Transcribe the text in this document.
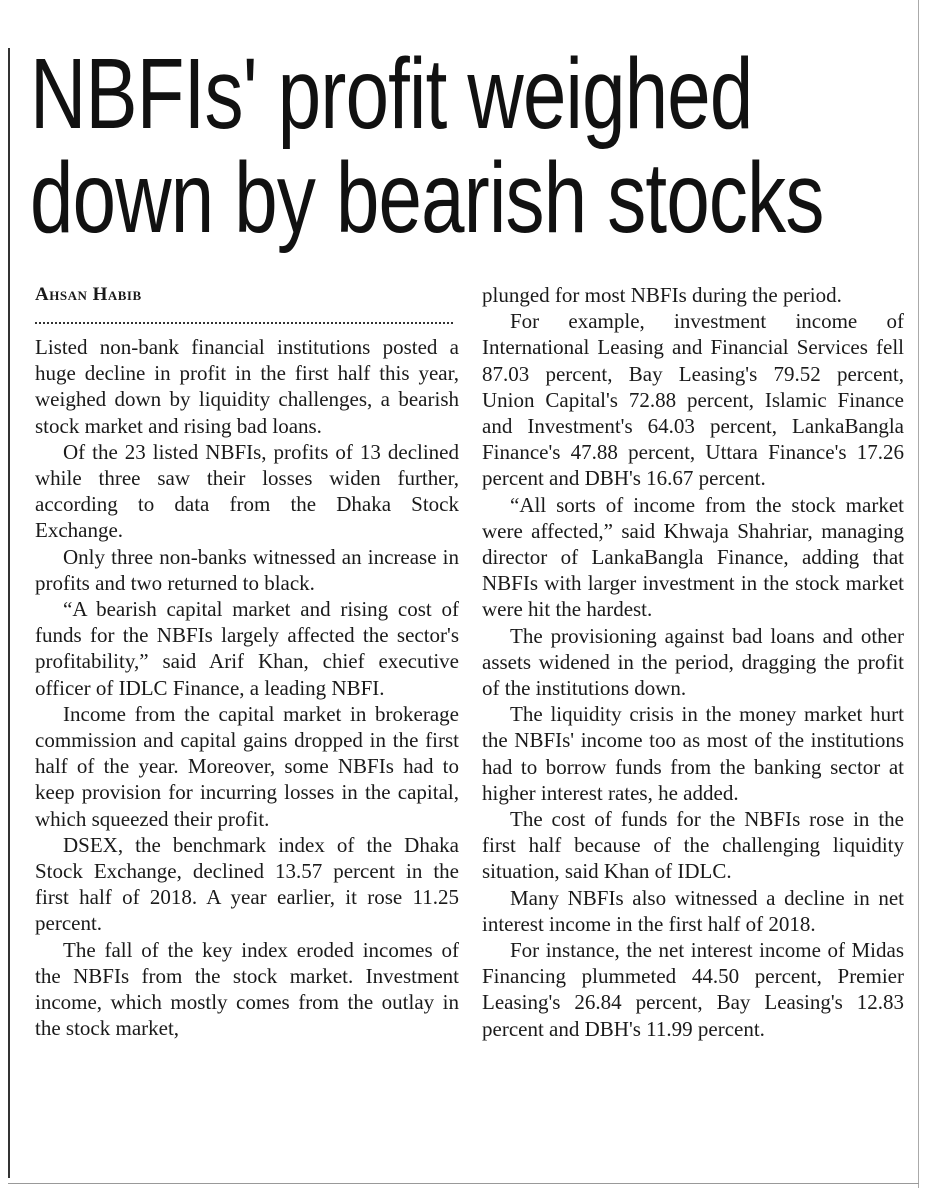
NBFIs' profit weighed
down by bearish stocks
Ahsan Habib

Listed non-bank financial institutions posted a huge decline in profit in the first half this year, weighed down by liquidity challenges, a bearish stock market and rising bad loans.

Of the 23 listed NBFIs, profits of 13 declined while three saw their losses widen further, according to data from the Dhaka Stock Exchange.

Only three non-banks witnessed an increase in profits and two returned to black.

“A bearish capital market and rising cost of funds for the NBFIs largely affected the sector's profitability,” said Arif Khan, chief executive officer of IDLC Finance, a leading NBFI.

Income from the capital market in brokerage commission and capital gains dropped in the first half of the year. Moreover, some NBFIs had to keep provision for incurring losses in the capital, which squeezed their profit.

DSEX, the benchmark index of the Dhaka Stock Exchange, declined 13.57 percent in the first half of 2018. A year earlier, it rose 11.25 percent.

The fall of the key index eroded incomes of the NBFIs from the stock market. Investment income, which mostly comes from the outlay in the stock market,

plunged for most NBFIs during the period.

For example, investment income of International Leasing and Financial Services fell 87.03 percent, Bay Leasing's 79.52 percent, Union Capital's 72.88 percent, Islamic Finance and Investment's 64.03 percent, LankaBangla Finance's 47.88 percent, Uttara Finance's 17.26 percent and DBH's 16.67 percent.

“All sorts of income from the stock market were affected,” said Khwaja Shahriar, managing director of LankaBangla Finance, adding that NBFIs with larger investment in the stock market were hit the hardest.

The provisioning against bad loans and other assets widened in the period, dragging the profit of the institutions down.

The liquidity crisis in the money market hurt the NBFIs' income too as most of the institutions had to borrow funds from the banking sector at higher interest rates, he added.

The cost of funds for the NBFIs rose in the first half because of the challenging liquidity situation, said Khan of IDLC.

Many NBFIs also witnessed a decline in net interest income in the first half of 2018.

For instance, the net interest income of Midas Financing plummeted 44.50 percent, Premier Leasing's 26.84 percent, Bay Leasing's 12.83 percent and DBH's 11.99 percent.
